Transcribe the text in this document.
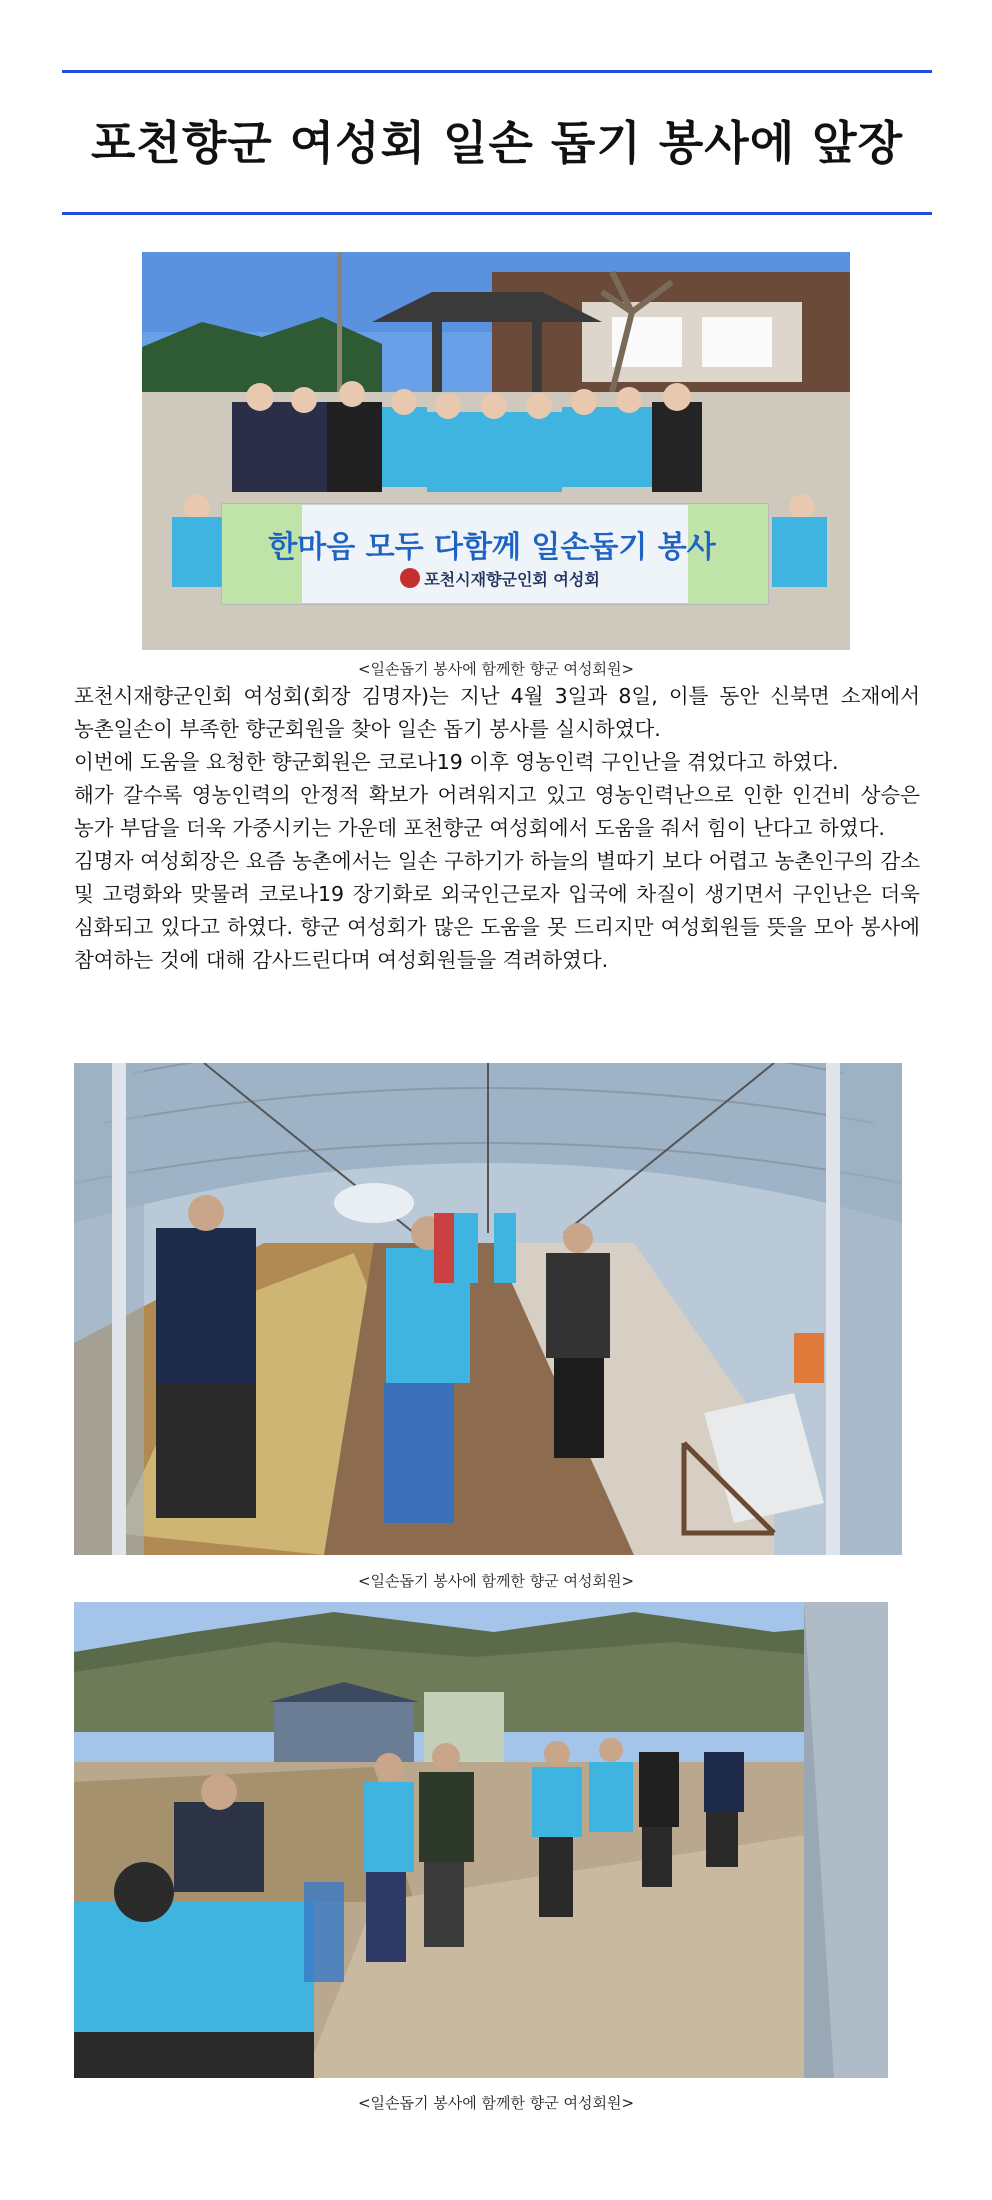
포천향군 여성회 일손 돕기 봉사에 앞장
한마음 모두 다함께 일손돕기 봉사
포천시재향군인회 여성회
<일손돕기 봉사에 함께한 향군 여성회원>

포천시재향군인회 여성회(회장 김명자)는 지난 4월 3일과 8일, 이틀 동안 신북면 소재에서 농촌일손이 부족한 향군회원을 찾아 일손 돕기 봉사를 실시하였다.

이번에 도움을 요청한 향군회원은 코로나19 이후 영농인력 구인난을 겪었다고 하였다.

해가 갈수록 영농인력의 안정적 확보가 어려워지고 있고 영농인력난으로 인한 인건비 상승은 농가 부담을 더욱 가중시키는 가운데 포천향군 여성회에서 도움을 줘서 힘이 난다고 하였다.

김명자 여성회장은 요즘 농촌에서는 일손 구하기가 하늘의 별따기 보다 어렵고 농촌인구의 감소 및 고령화와 맞물려 코로나19 장기화로 외국인근로자 입국에 차질이 생기면서 구인난은 더욱 심화되고 있다고 하였다. 향군 여성회가 많은 도움을 못 드리지만 여성회원들 뜻을 모아 봉사에 참여하는 것에 대해 감사드린다며 여성회원들을 격려하였다.

<일손돕기 봉사에 함께한 향군 여성회원>
<일손돕기 봉사에 함께한 향군 여성회원>
